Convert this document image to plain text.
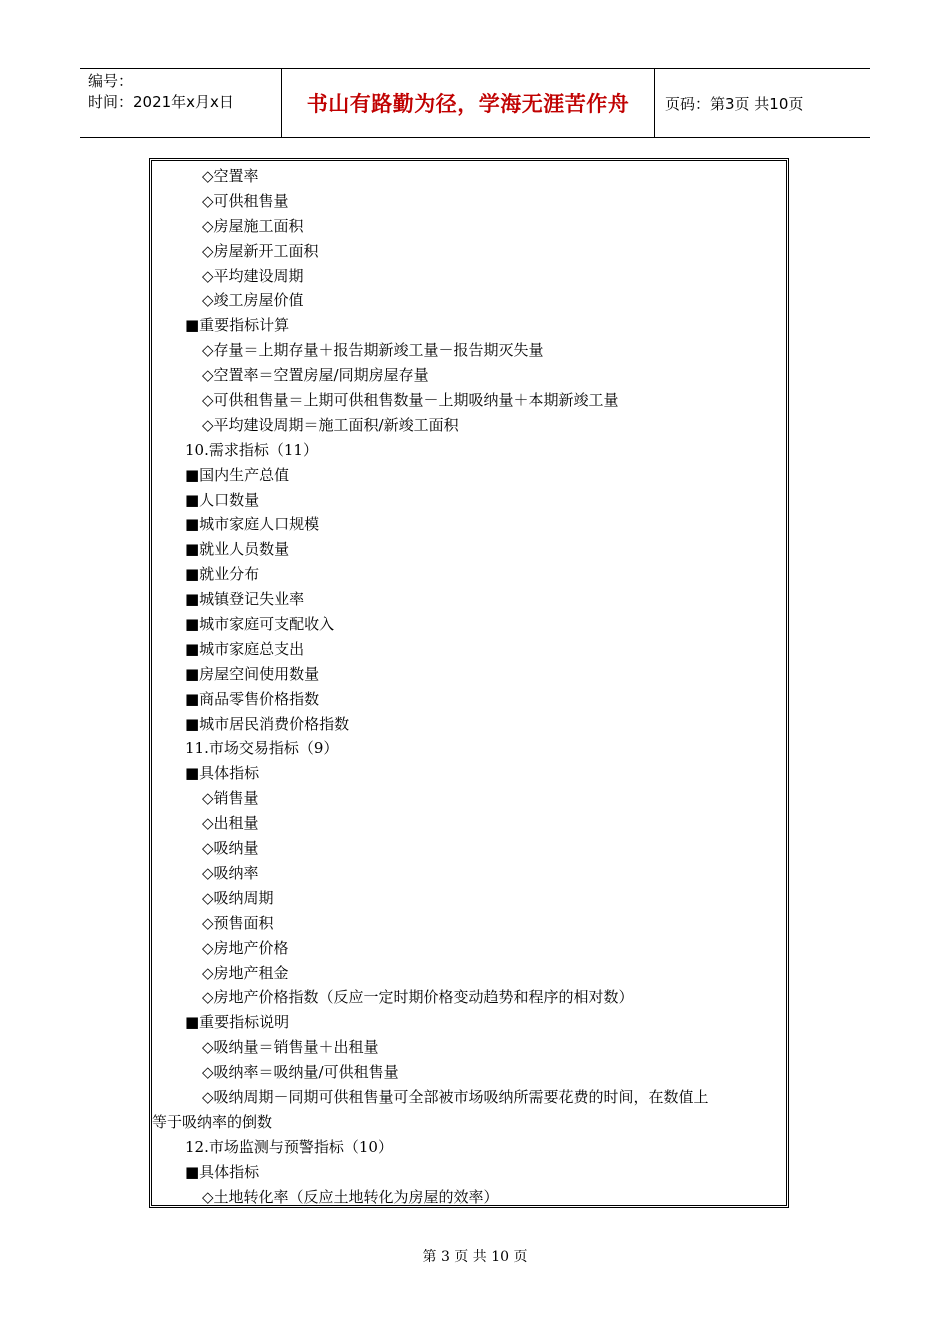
编号：
时间：2021年x月x日	书山有路勤为径，学海无涯苦作舟	页码：第3页 共10页
◇空置率
◇可供租售量
◇房屋施工面积
◇房屋新开工面积
◇平均建设周期
◇竣工房屋价值
■重要指标计算
◇存量＝上期存量＋报告期新竣工量－报告期灭失量
◇空置率＝空置房屋/同期房屋存量
◇可供租售量＝上期可供租售数量－上期吸纳量＋本期新竣工量
◇平均建设周期＝施工面积/新竣工面积
10.需求指标（11）
■国内生产总值
■人口数量
■城市家庭人口规模
■就业人员数量
■就业分布
■城镇登记失业率
■城市家庭可支配收入
■城市家庭总支出
■房屋空间使用数量
■商品零售价格指数
■城市居民消费价格指数
11.市场交易指标（9）
■具体指标
◇销售量
◇出租量
◇吸纳量
◇吸纳率
◇吸纳周期
◇预售面积
◇房地产价格
◇房地产租金
◇房地产价格指数（反应一定时期价格变动趋势和程序的相对数）
■重要指标说明
◇吸纳量＝销售量＋出租量
◇吸纳率＝吸纳量/可供租售量
◇吸纳周期－同期可供租售量可全部被市场吸纳所需要花费的时间，在数值上
等于吸纳率的倒数
12.市场监测与预警指标（10）
■具体指标
◇土地转化率（反应土地转化为房屋的效率）
第 3 页 共 10 页
